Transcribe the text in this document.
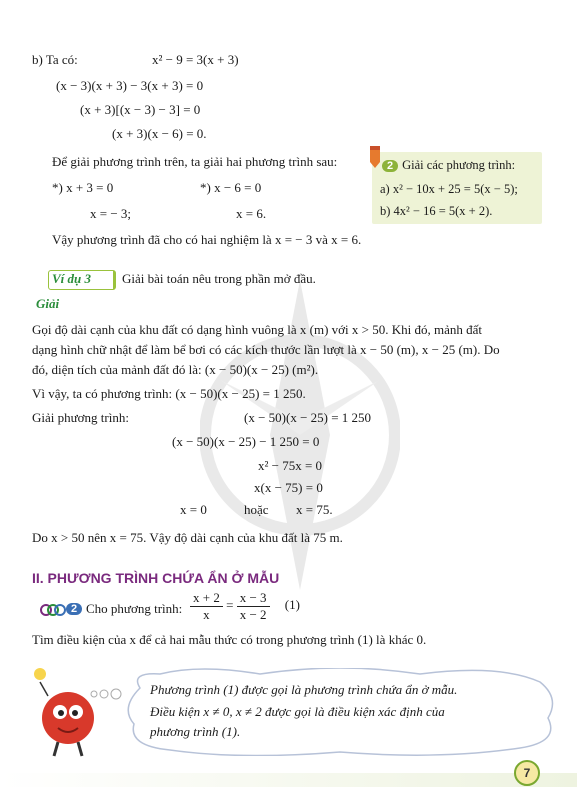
b) Ta có:	x² − 9 = 3(x + 3)
(x − 3)(x + 3) − 3(x + 3) = 0
(x + 3)[(x − 3) − 3] = 0
(x + 3)(x − 6) = 0.
Để giải phương trình trên, ta giải hai phương trình sau:
*) x + 3 = 0	*) x − 6 = 0
x = − 3;	x = 6.
Vậy phương trình đã cho có hai nghiệm là x = − 3 và x = 6.
2 Giải các phương trình:
a) x² − 10x + 25 = 5(x − 5);
b) 4x² − 16 = 5(x + 2).
Ví dụ 3 Giải bài toán nêu trong phần mở đầu.
Giải
Gọi độ dài cạnh của khu đất có dạng hình vuông là x (m) với x > 50. Khi đó, mảnh đất
dạng hình chữ nhật để làm bể bơi có các kích thước lần lượt là x − 50 (m), x − 25 (m). Do
đó, diện tích của mảnh đất đó là: (x − 50)(x − 25) (m²).
Vì vậy, ta có phương trình: (x − 50)(x − 25) = 1 250.
Giải phương trình:	(x − 50)(x − 25) = 1 250
(x − 50)(x − 25) − 1 250 = 0
x² − 75x = 0
x(x − 75) = 0
x = 0	hoặc x = 75.
Do x > 50 nên x = 75. Vậy độ dài cạnh của khu đất là 75 m.
II. PHƯƠNG TRÌNH CHỨA ẨN Ở MẪU
2 Cho phương trình: $\frac{x + 2}{x} = \frac{x - 3}{x - 2} (1)$
Tìm điều kiện của x để cả hai mẫu thức có trong phương trình (1) là khác 0.
Phương trình (1) được gọi là phương trình chứa ẩn ở mẫu.
Điều kiện x ≠ 0, x ≠ 2 được gọi là điều kiện xác định của
phương trình (1).
7
